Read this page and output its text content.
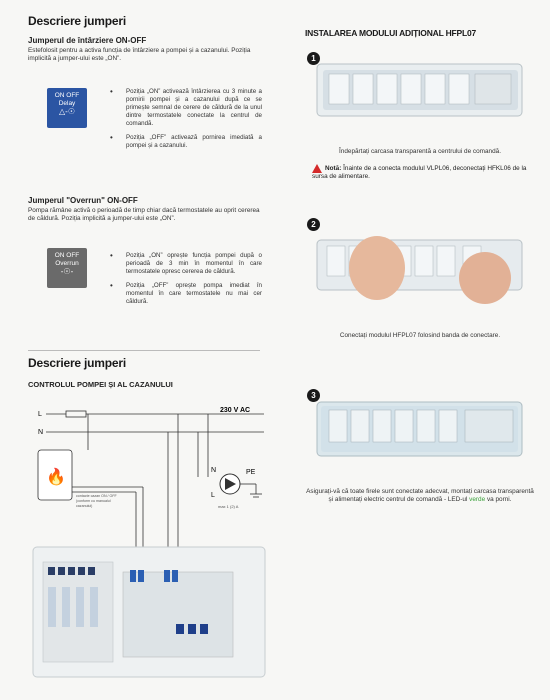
Descriere jumperi
Jumperul de întârziere ON-OFF

Estefolosit pentru a activa funcția de întârziere a pompei și a cazanului. Poziția implicită a jumper-ului este „ON”.

ON OFF
Delay
△-☉
• Poziția „ON” activează întârzierea cu 3 minute a pornirii pompei și a cazanului după ce se primește semnal de cerere de căldură de la unul dintre termostatele conectate la centrul de comandă.
• Poziția „OFF” activează pornirea imediată a pompei și a cazanului.
Jumperul "Overrun" ON-OFF

Pompa rămâne activă o perioadă de timp chiar dacă termostatele au oprit cererea de căldură. Poziția implicită a jumper-ului este „ON”.

ON OFF
Overrun
-☉-
• Poziția „ON” oprește funcția pompei după o perioadă de 3 min în momentul în care termostatele opresc cererea de căldură.
• Poziția „OFF” oprește pompa imediat în momentul în care termostatele nu mai cer căldură.
Descriere jumperi
CONTROLUL POMPEI ȘI AL CAZANULUI
L
N
230 V AC
🔥
contacte cazan ON / OFF
(conform cu manualul
cazanului)
N
L
PE
max 1 (2) A
INSTALAREA MODULUI ADIȚIONAL HFPL07
1
Îndepărtați carcasa transparentă a centrului de comandă.
Notă: Înainte de a conecta modulul VLPL06, deconectați HFKL06 de la sursa de alimentare.
2
Conectați modulul HFPL07 folosind banda de conectare.
3
Asigurați-vă că toate firele sunt conectate adecvat, montați carcasa transparentă și alimentați electric centrul de comandă - LED-ul verde va porni.
